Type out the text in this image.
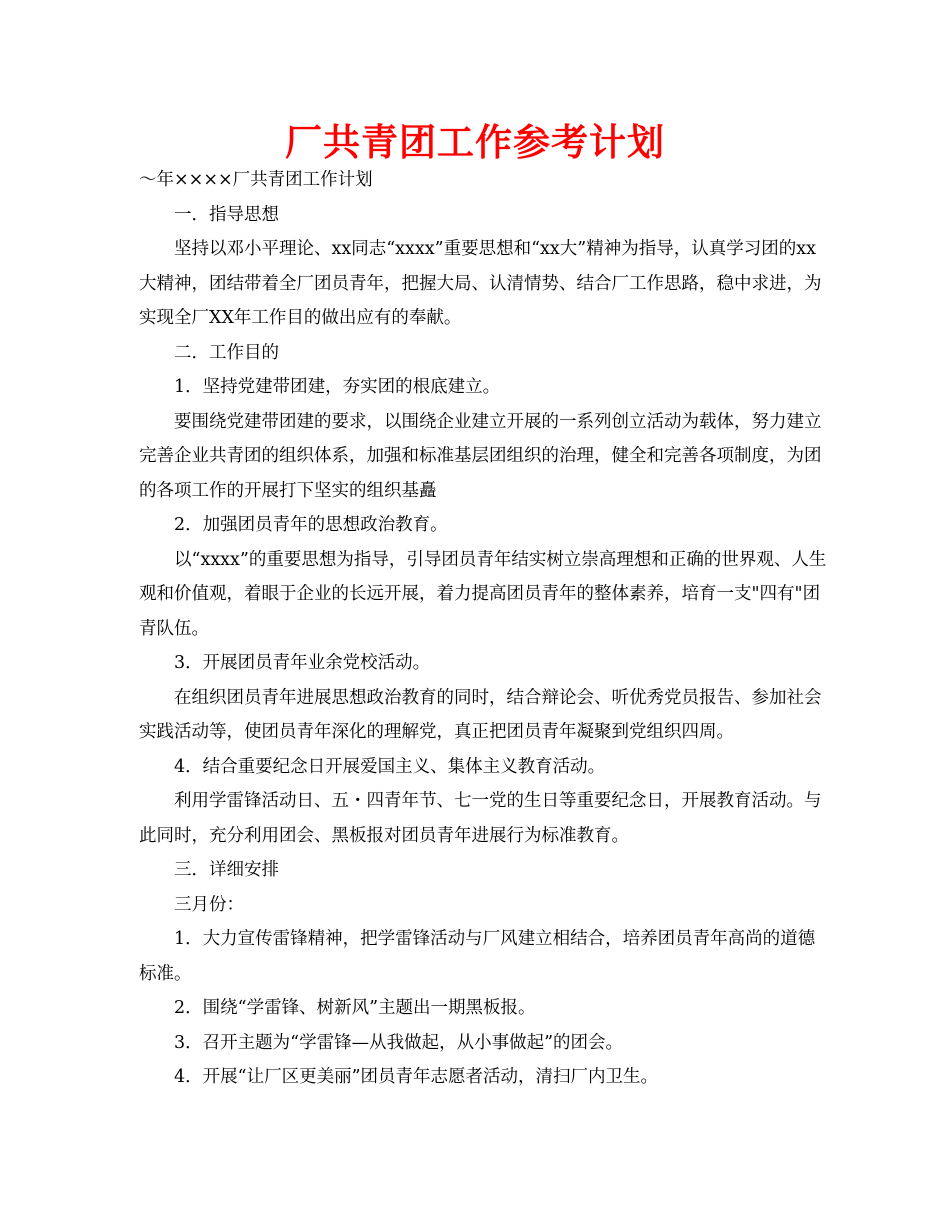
厂共青团工作参考计划

～年××××厂共青团工作计划

一．指导思想

坚持以邓小平理论、xx同志“xxxx”重要思想和“xx大”精神为指导，认真学习团的xx大精神，团结带着全厂团员青年，把握大局、认清情势、结合厂工作思路，稳中求进，为实现全厂XX年工作目的做出应有的奉献。

二．工作目的

1．坚持党建带团建，夯实团的根底建立。

要围绕党建带团建的要求，以围绕企业建立开展的一系列创立活动为载体，努力建立完善企业共青团的组织体系，加强和标准基层团组织的治理，健全和完善各项制度，为团的各项工作的开展打下坚实的组织基矗

2．加强团员青年的思想政治教育。

以“xxxx”的重要思想为指导，引导团员青年结实树立崇高理想和正确的世界观、人生观和价值观，着眼于企业的长远开展，着力提高团员青年的整体素养，培育一支"四有"团青队伍。

3．开展团员青年业余党校活动。

在组织团员青年进展思想政治教育的同时，结合辩论会、听优秀党员报告、参加社会实践活动等，使团员青年深化的理解党，真正把团员青年凝聚到党组织四周。

4．结合重要纪念日开展爱国主义、集体主义教育活动。

利用学雷锋活动日、五・四青年节、七一党的生日等重要纪念日，开展教育活动。与此同时，充分利用团会、黑板报对团员青年进展行为标准教育。

三．详细安排

三月份：

1．大力宣传雷锋精神，把学雷锋活动与厂风建立相结合，培养团员青年高尚的道德标准。

2．围绕“学雷锋、树新风”主题出一期黑板报。

3．召开主题为“学雷锋—从我做起，从小事做起”的团会。

4．开展“让厂区更美丽”团员青年志愿者活动，清扫厂内卫生。
